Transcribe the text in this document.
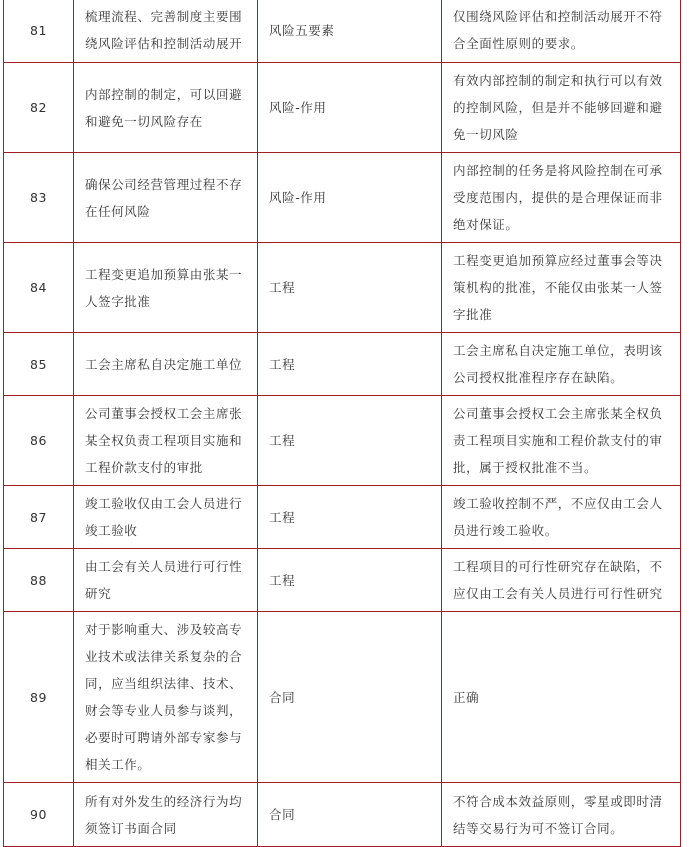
81	梳理流程、完善制度主要围绕风险评估和控制活动展开	风险五要素	仅围绕风险评估和控制活动展开不符合全面性原则的要求。
82	内部控制的制定，可以回避和避免一切风险存在	风险-作用	有效内部控制的制定和执行可以有效的控制风险，但是并不能够回避和避免一切风险
83	确保公司经营管理过程不存在任何风险	风险-作用	内部控制的任务是将风险控制在可承受度范围内，提供的是合理保证而非绝对保证。
84	工程变更追加预算由张某一人签字批准	工程	工程变更追加预算应经过董事会等决策机构的批准，不能仅由张某一人签字批准
85	工会主席私自决定施工单位	工程	工会主席私自决定施工单位，表明该公司授权批准程序存在缺陷。
86	公司董事会授权工会主席张某全权负责工程项目实施和工程价款支付的审批	工程	公司董事会授权工会主席张某全权负责工程项目实施和工程价款支付的审批，属于授权批准不当。
87	竣工验收仅由工会人员进行竣工验收	工程	竣工验收控制不严，不应仅由工会人员进行竣工验收。
88	由工会有关人员进行可行性研究	工程	工程项目的可行性研究存在缺陷，不应仅由工会有关人员进行可行性研究
89	对于影响重大、涉及较高专业技术或法律关系复杂的合同，应当组织法律、技术、财会等专业人员参与谈判，必要时可聘请外部专家参与相关工作。	合同	正确
90	所有对外发生的经济行为均须签订书面合同	合同	不符合成本效益原则，零星或即时清结等交易行为可不签订合同。
